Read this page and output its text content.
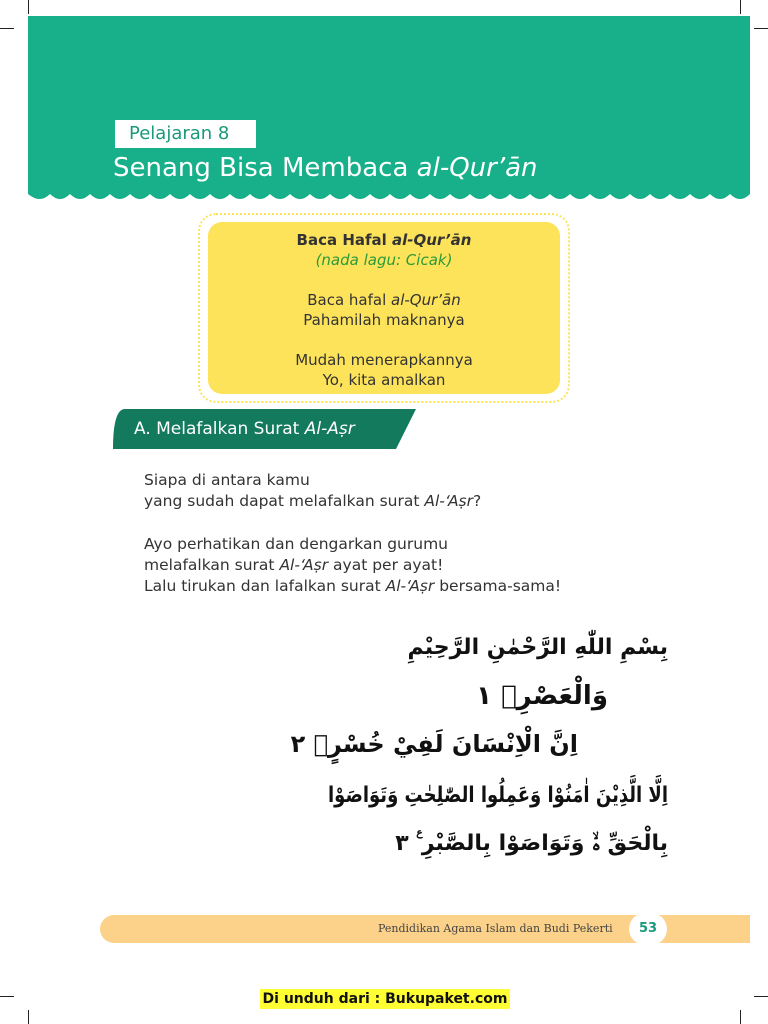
Pelajaran 8
Senang Bisa Membaca al-Qur’ān
Baca Hafal al-Qur’ān
(nada lagu: Cicak)
Baca hafal al-Qur’ān
Pahamilah maknanya
Mudah menerapkannya
Yo, kita amalkan
A. Melafalkan Surat Al-Aṣr
Siapa di antara kamu
yang sudah dapat melafalkan surat Al-‘Aṣr?
Ayo perhatikan dan dengarkan gurumu
melafalkan surat Al-‘Aṣr ayat per ayat!
Lalu tirukan dan lafalkan surat Al-‘Aṣr bersama-sama!
بِسْمِ اللّٰهِ الرَّحْمٰنِ الرَّحِيْمِ
وَالْعَصْرِۙ ١
اِنَّ الْاِنْسَانَ لَفِيْ خُسْرٍۙ ٢
اِلَّا الَّذِيْنَ اٰمَنُوْا وَعَمِلُوا الصّٰلِحٰتِ وَتَوَاصَوْا
بِالْحَقِّ ەۙ وَتَوَاصَوْا بِالصَّبْرِ ࣖ ٣
Pendidikan Agama Islam dan Budi Pekerti	53
Di unduh dari : Bukupaket.com
